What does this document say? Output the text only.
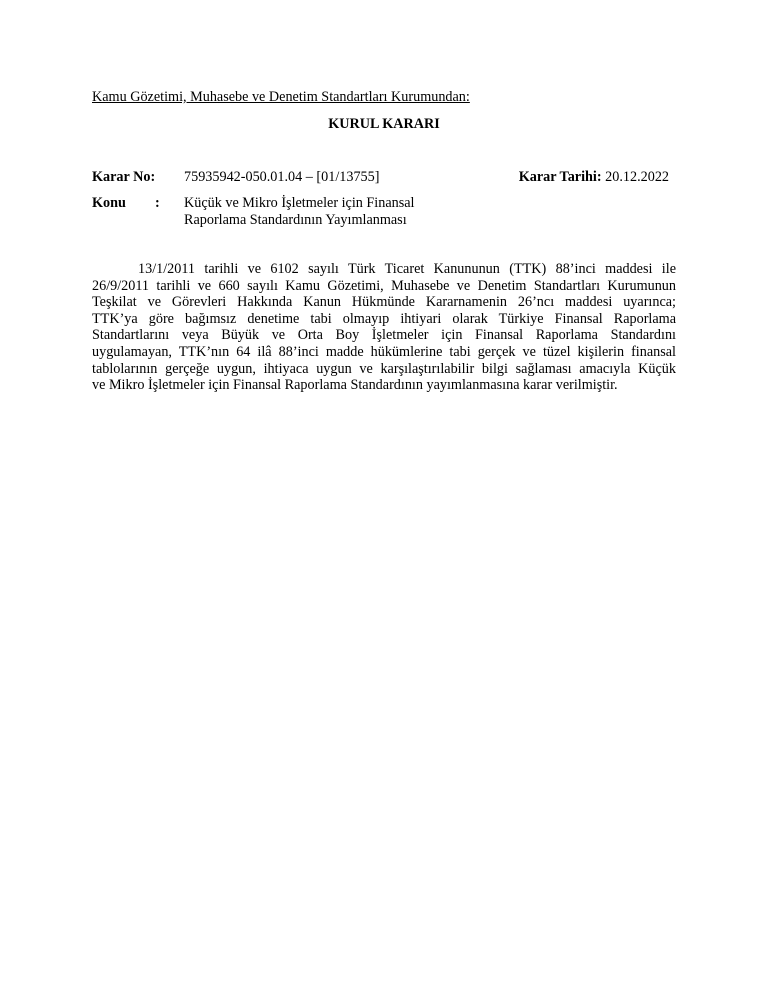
Kamu Gözetimi, Muhasebe ve Denetim Standartları Kurumundan:
KURUL KARARI
Karar No: 75935942-050.01.04 – [01/13755]	Karar Tarihi: 20.12.2022
Konu : Küçük ve Mikro İşletmeler için Finansal
Raporlama Standardının Yayımlanması
13/1/2011 tarihli ve 6102 sayılı Türk Ticaret Kanununun (TTK) 88’inci maddesi ile
26/9/2011 tarihli ve 660 sayılı Kamu Gözetimi, Muhasebe ve Denetim Standartları Kurumunun
Teşkilat ve Görevleri Hakkında Kanun Hükmünde Kararnamenin 26’ncı maddesi uyarınca;
TTK’ya göre bağımsız denetime tabi olmayıp ihtiyari olarak Türkiye Finansal Raporlama
Standartlarını veya Büyük ve Orta Boy İşletmeler için Finansal Raporlama Standardını
uygulamayan, TTK’nın 64 ilâ 88’inci madde hükümlerine tabi gerçek ve tüzel kişilerin finansal
tablolarının gerçeğe uygun, ihtiyaca uygun ve karşılaştırılabilir bilgi sağlaması amacıyla Küçük
ve Mikro İşletmeler için Finansal Raporlama Standardının yayımlanmasına karar verilmiştir.
